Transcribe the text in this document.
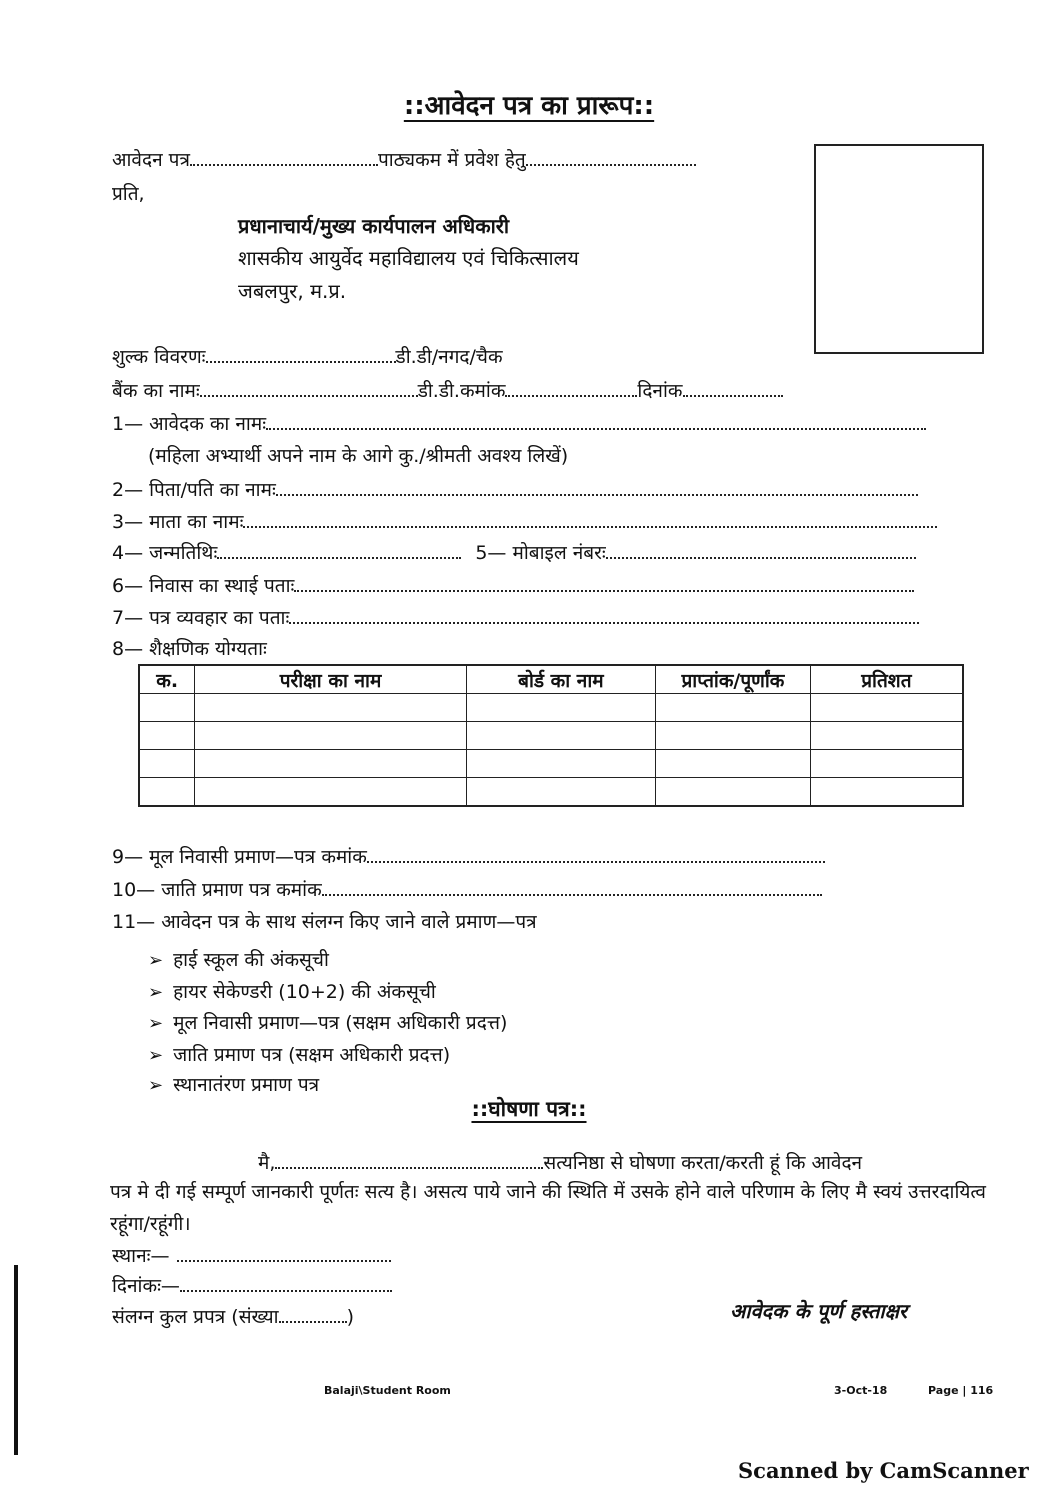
::आवेदन पत्र का प्रारूप::
आवेदन पत्र	पाठ्यकम में प्रवेश हेतु
प्रति,
प्रधानाचार्य/मुख्य कार्यपालन अधिकारी
शासकीय आयुर्वेद महाविद्यालय एवं चिकित्सालय
जबलपुर, म.प्र.
शुल्क विवरणः	डी.डी/नगद/चैक
बैंक का नामः	डी.डी.कमांक	दिनांक
1— आवेदक का नामः
(महिला अभ्यार्थी अपने नाम के आगे कु./श्रीमती अवश्य लिखें)
2— पिता/पति का नामः
3— माता का नामः
4— जन्मतिथिः	5— मोबाइल नंबरः
6— निवास का स्थाई पताः
7— पत्र व्यवहार का पताः
8— शैक्षणिक योग्यताः
क.	परीक्षा का नाम	बोर्ड का नाम	प्राप्तांक/पूर्णांक	प्रतिशत

9— मूल निवासी प्रमाण—पत्र कमांक
10— जाति प्रमाण पत्र कमांक
11— आवेदन पत्र के साथ संलग्न किए जाने वाले प्रमाण—पत्र
➢ हाई स्कूल की अंकसूची
➢ हायर सेकेण्डरी (10+2) की अंकसूची
➢ मूल निवासी प्रमाण—पत्र (सक्षम अधिकारी प्रदत्त)
➢ जाति प्रमाण पत्र (सक्षम अधिकारी प्रदत्त)
➢ स्थानातंरण प्रमाण पत्र
::घोषणा पत्र::
मै,	सत्यनिष्ठा से घोषणा करता/करती हूं कि आवेदन
पत्र मे दी गई सम्पूर्ण जानकारी पूर्णतः सत्य है। असत्य पाये जाने की स्थिति में उसके होने वाले परिणाम के लिए मै स्वयं उत्तरदायित्व रहूंगा/रहूंगी।
स्थानः—
दिनांकः—
संलग्न कुल प्रपत्र (संख्या	)	आवेदक के पूर्ण हस्ताक्षर
Balaji\Student Room	3-Oct-18	Page | 116
Scanned by CamScanner
